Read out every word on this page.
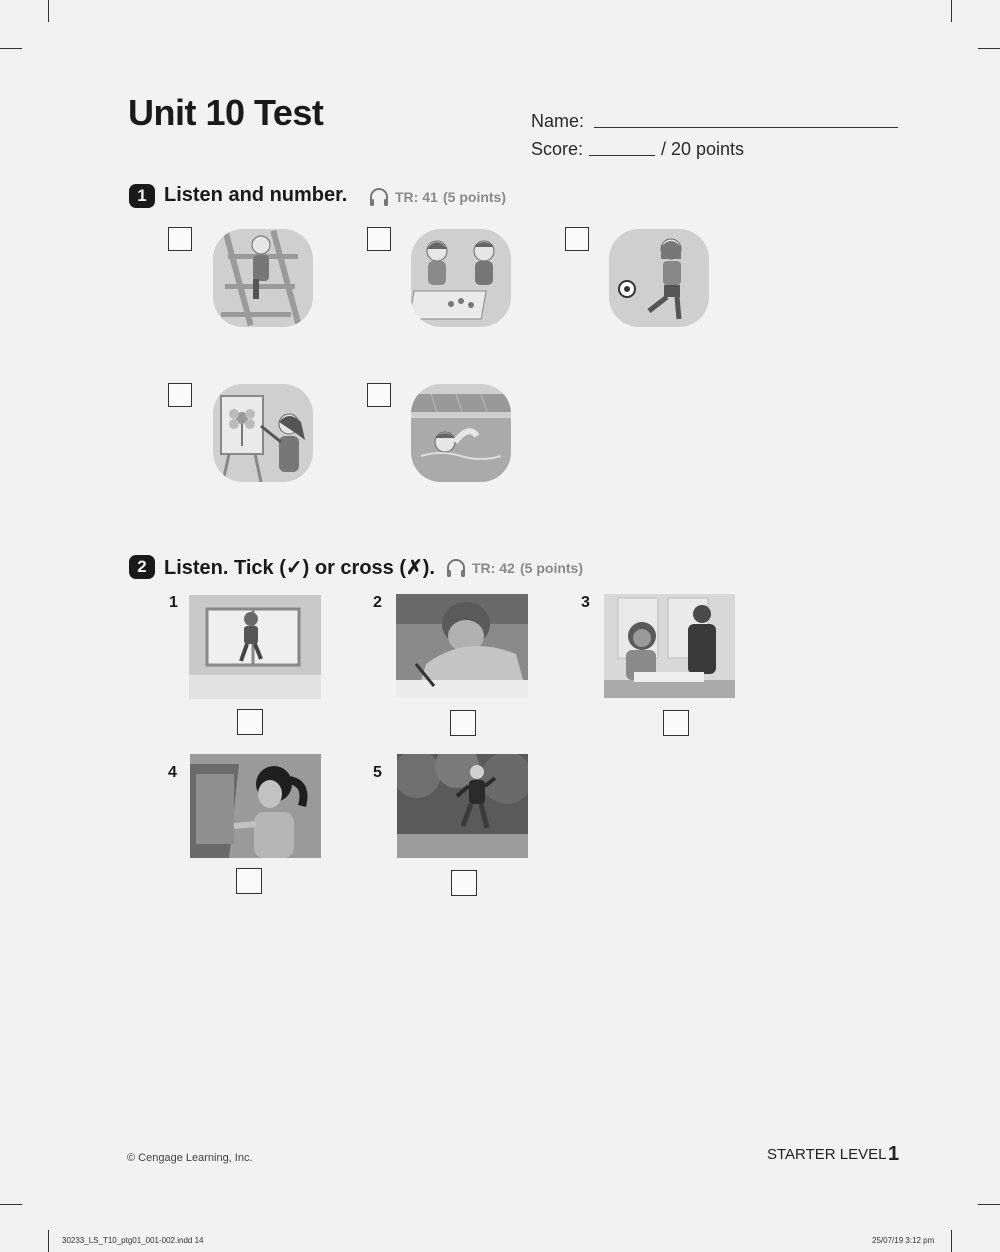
Unit 10 Test	Name:
Score:	/ 20 points
1 Listen and number.	TR: 41 (5 points)
2 Listen. Tick (✓) or cross (✗).	TR: 42 (5 points)
1	2	3
4	5
© Cengage Learning, Inc.	STARTER LEVEL 1
30233_LS_T10_ptg01_001-002.indd 14	25/07/19 3:12 pm
